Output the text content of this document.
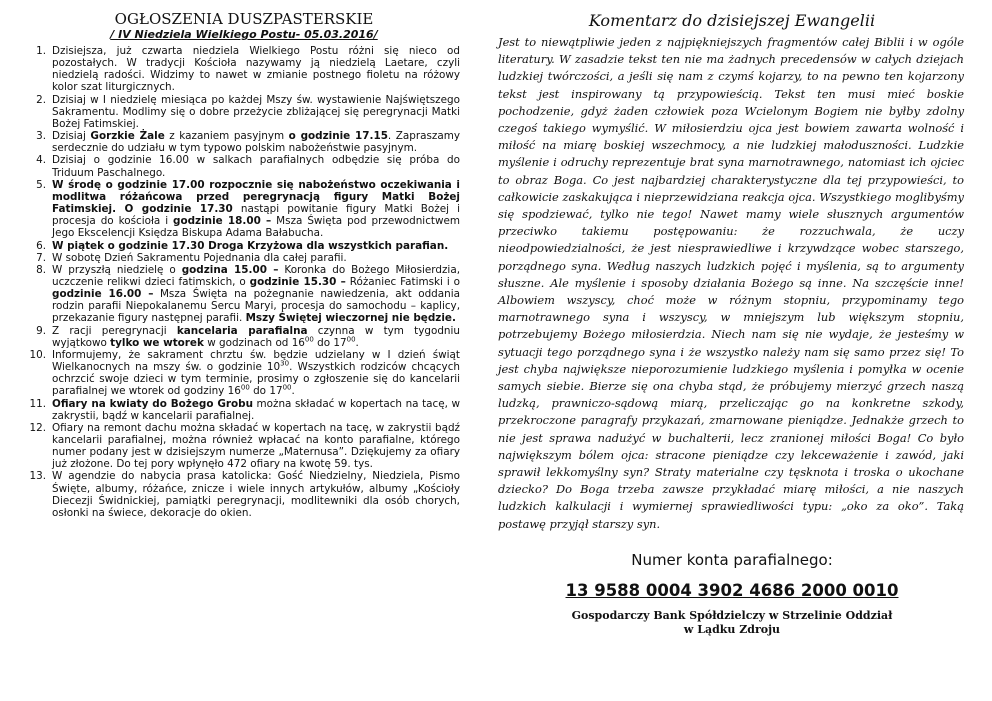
OGŁOSZENIA DUSZPASTERSKIE
/ IV Niedziela Wielkiego Postu- 05.03.2016/
1. Dzisiejsza, już czwarta niedziela Wielkiego Postu różni się nieco od pozostałych. W tradycji Kościoła nazywamy ją niedzielą Laetare, czyli niedzielą radości. Widzimy to nawet w zmianie postnego fioletu na różowy kolor szat liturgicznych.
2. Dzisiaj w I niedzielę miesiąca po każdej Mszy św. wystawienie Najświętszego Sakramentu. Modlimy się o dobre przeżycie zbliżającej się peregrynacji Matki Bożej Fatimskiej.
3. Dzisiaj Gorzkie Żale z kazaniem pasyjnym o godzinie 17.15. Zapraszamy serdecznie do udziału w tym typowo polskim nabożeństwie pasyjnym.
4. Dzisiaj o godzinie 16.00 w salkach parafialnych odbędzie się próba do Triduum Paschalnego.
5. W środę o godzinie 17.00 rozpocznie się nabożeństwo oczekiwania i modlitwa różańcowa przed peregrynacją figury Matki Bożej Fatimskiej. O godzinie 17.30 nastąpi powitanie figury Matki Bożej i procesja do kościoła i godzinie 18.00 – Msza Święta pod przewodnictwem Jego Ekscelencji Księdza Biskupa Adama Bałabucha.
6. W piątek o godzinie 17.30 Droga Krzyżowa dla wszystkich parafian.
7. W sobotę Dzień Sakramentu Pojednania dla całej parafii.
8. W przyszłą niedzielę o godzina 15.00 – Koronka do Bożego Miłosierdzia, uczczenie relikwi dzieci fatimskich, o godzinie 15.30 – Różaniec Fatimski i o godzinie 16.00 – Msza Święta na pożegnanie nawiedzenia, akt oddania rodzin parafii Niepokalanemu Sercu Maryi, procesja do samochodu – kaplicy, przekazanie figury następnej parafii. Mszy Świętej wieczornej nie będzie.
9. Z racji peregrynacji kancelaria parafialna czynna w tym tygodniu wyjątkowo tylko we wtorek w godzinach od $16^{00}$ do $17^{00}$.
10. Informujemy, że sakrament chrztu św. będzie udzielany w I dzień świąt Wielkanocnych na mszy św. o godzinie $10^{30}$. Wszystkich rodziców chcących ochrzcić swoje dzieci w tym terminie, prosimy o zgłoszenie się do kancelarii parafialnej we wtorek od godziny $16^{00}$ do $17^{00}$.
11. Ofiary na kwiaty do Bożego Grobu można składać w kopertach na tacę, w zakrystii, bądź w kancelarii parafialnej.
12. Ofiary na remont dachu można składać w kopertach na tacę, w zakrystii bądź kancelarii parafialnej, można również wpłacać na konto parafialne, którego numer podany jest w dzisiejszym numerze „Maternusa”. Dziękujemy za ofiary już złożone. Do tej pory wpłynęło 472 ofiary na kwotę 59. tys.
13. W agendzie do nabycia prasa katolicka: Gość Niedzielny, Niedziela, Pismo Święte, albumy, różańce, znicze i wiele innych artykułów, albumy „Kościoły Diecezji Świdnickiej, pamiątki peregrynacji, modlitewniki dla osób chorych, osłonki na świece, dekoracje do okien.
Komentarz do dzisiejszej Ewangelii

Jest to niewątpliwie jeden z najpiękniejszych fragmentów całej Biblii i w ogóle literatury. W zasadzie tekst ten nie ma żadnych precedensów w całych dziejach ludzkiej twórczości, a jeśli się nam z czymś kojarzy, to na pewno ten kojarzony tekst jest inspirowany tą przypowieścią. Tekst ten musi mieć boskie pochodzenie, gdyż żaden człowiek poza Wcielonym Bogiem nie byłby zdolny czegoś takiego wymyślić. W miłosierdziu ojca jest bowiem zawarta wolność i miłość na miarę boskiej wszechmocy, a nie ludzkiej małoduszności. Ludzkie myślenie i odruchy reprezentuje brat syna marnotrawnego, natomiast ich ojciec to obraz Boga. Co jest najbardziej charakterystyczne dla tej przypowieści, to całkowicie zaskakująca i nieprzewidziana reakcja ojca. Wszystkiego moglibyśmy się spodziewać, tylko nie tego! Nawet mamy wiele słusznych argumentów przeciwko takiemu postępowaniu: że rozzuchwala, że uczy nieodpowiedzialności, że jest niesprawiedliwe i krzywdzące wobec starszego, porządnego syna. Według naszych ludzkich pojęć i myślenia, są to argumenty słuszne. Ale myślenie i sposoby działania Bożego są inne. Na szczęście inne! Albowiem wszyscy, choć może w różnym stopniu, przypominamy tego marnotrawnego syna i wszyscy, w mniejszym lub większym stopniu, potrzebujemy Bożego miłosierdzia. Niech nam się nie wydaje, że jesteśmy w sytuacji tego porządnego syna i że wszystko należy nam się samo przez się! To jest chyba największe nieporozumienie ludzkiego myślenia i pomyłka w ocenie samych siebie. Bierze się ona chyba stąd, że próbujemy mierzyć grzech naszą ludzką, prawniczo-sądową miarą, przeliczając go na konkretne szkody, przekroczone paragrafy przykazań, zmarnowane pieniądze. Jednakże grzech to nie jest sprawa nadużyć w buchalterii, lecz zranionej miłości Boga! Co było największym bólem ojca: stracone pieniądze czy lekceważenie i zawód, jaki sprawił lekkomyślny syn? Straty materialne czy tęsknota i troska o ukochane dziecko? Do Boga trzeba zawsze przykładać miarę miłości, a nie naszych ludzkich kalkulacji i wymiernej sprawiedliwości typu: „oko za oko”. Taką postawę przyjął starszy syn.

Numer konta parafialnego:
13 9588 0004 3902 4686 2000 0010
Gospodarczy Bank Spółdzielczy w Strzelinie Oddział
w Lądku Zdroju
